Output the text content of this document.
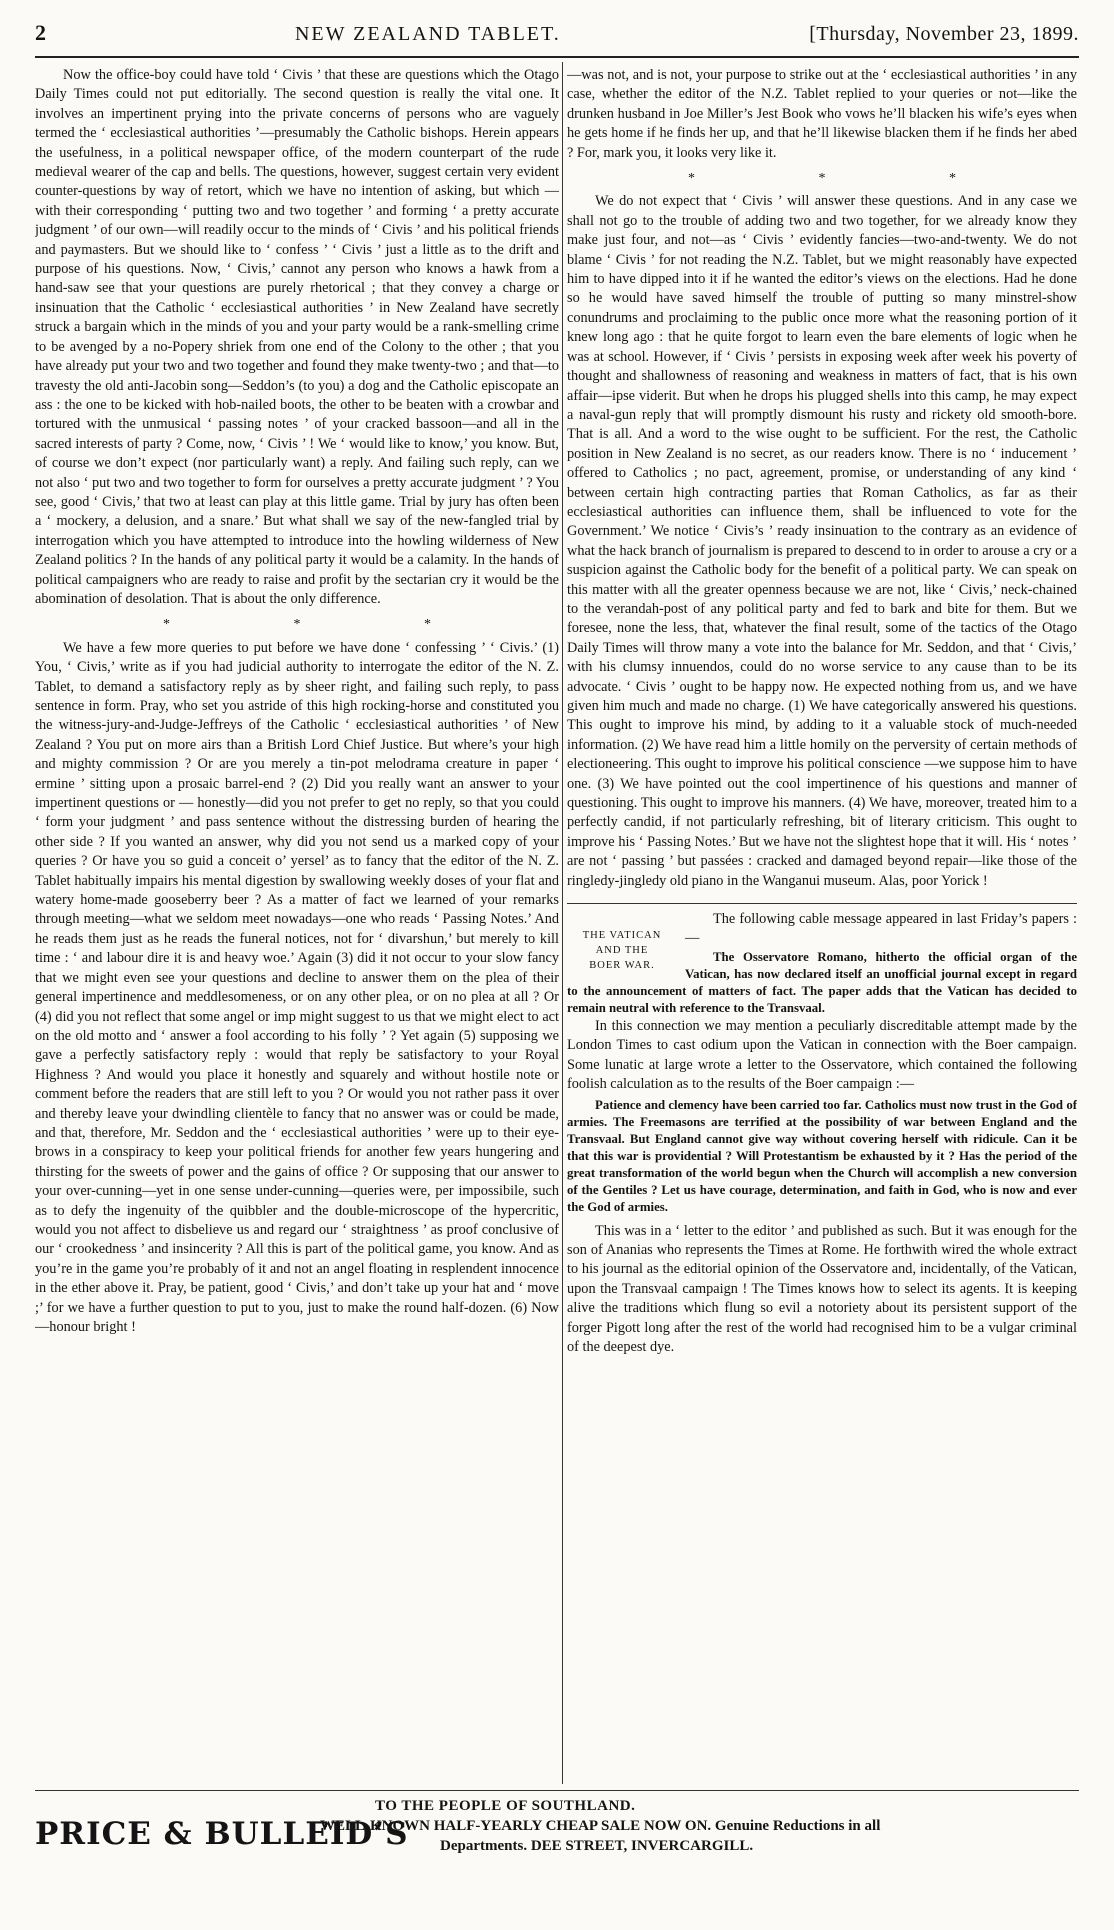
2	NEW ZEALAND TABLET.	[Thursday, November 23, 1899.

Now the office-boy could have told ‘ Civis ’ that these are questions which the Otago Daily Times could not put editorially. The second question is really the vital one. It involves an impertinent prying into the private concerns of persons who are vaguely termed the ‘ ecclesiastical authorities ’—presumably the Catholic bishops. Herein appears the usefulness, in a political newspaper office, of the modern counterpart of the rude medieval wearer of the cap and bells. The questions, however, suggest certain very evident counter-questions by way of retort, which we have no intention of asking, but which —with their corresponding ‘ putting two and two together ’ and forming ‘ a pretty accurate judgment ’ of our own—will readily occur to the minds of ‘ Civis ’ and his political friends and paymasters. But we should like to ‘ confess ’ ‘ Civis ’ just a little as to the drift and purpose of his questions. Now, ‘ Civis,’ cannot any person who knows a hawk from a hand-saw see that your questions are purely rhetorical ; that they convey a charge or insinuation that the Catholic ‘ ecclesiastical authorities ’ in New Zealand have secretly struck a bargain which in the minds of you and your party would be a rank-smelling crime to be avenged by a no-Popery shriek from one end of the Colony to the other ; that you have already put your two and two together and found they make twenty-two ; and that—to travesty the old anti-Jacobin song—Seddon’s (to you) a dog and the Catholic episcopate an ass : the one to be kicked with hob-nailed boots, the other to be beaten with a crowbar and tortured with the unmusical ‘ passing notes ’ of your cracked bassoon—and all in the sacred interests of party ? Come, now, ‘ Civis ’ ! We ‘ would like to know,’ you know. But, of course we don’t expect (nor particularly want) a reply. And failing such reply, can we not also ‘ put two and two together to form for ourselves a pretty accurate judgment ’ ? You see, good ‘ Civis,’ that two at least can play at this little game. Trial by jury has often been a ‘ mockery, a delusion, and a snare.’ But what shall we say of the new-fangled trial by interrogation which you have attempted to introduce into the howling wilderness of New Zealand politics ? In the hands of any political party it would be a calamity. In the hands of political campaigners who are ready to raise and profit by the sectarian cry it would be the abomination of desolation. That is about the only difference.

* * *

We have a few more queries to put before we have done ‘ confessing ’ ‘ Civis.’ (1) You, ‘ Civis,’ write as if you had judicial authority to interrogate the editor of the N. Z. Tablet, to demand a satisfactory reply as by sheer right, and failing such reply, to pass sentence in form. Pray, who set you astride of this high rocking-horse and constituted you the witness-jury-and-Judge-Jeffreys of the Catholic ‘ ecclesiastical authorities ’ of New Zealand ? You put on more airs than a British Lord Chief Justice. But where’s your high and mighty commission ? Or are you merely a tin-pot melodrama creature in paper ‘ ermine ’ sitting upon a prosaic barrel-end ? (2) Did you really want an answer to your impertinent questions or — honestly—did you not prefer to get no reply, so that you could ‘ form your judgment ’ and pass sentence without the distressing burden of hearing the other side ? If you wanted an answer, why did you not send us a marked copy of your queries ? Or have you so guid a conceit o’ yersel’ as to fancy that the editor of the N. Z. Tablet habitually impairs his mental digestion by swallowing weekly doses of your flat and watery home-made gooseberry beer ? As a matter of fact we learned of your remarks through meeting—what we seldom meet nowadays—one who reads ‘ Passing Notes.’ And he reads them just as he reads the funeral notices, not for ‘ divarshun,’ but merely to kill time : ‘ and labour dire it is and heavy woe.’ Again (3) did it not occur to your slow fancy that we might even see your questions and decline to answer them on the plea of their general impertinence and meddlesomeness, or on any other plea, or on no plea at all ? Or (4) did you not reflect that some angel or imp might suggest to us that we might elect to act on the old motto and ‘ answer a fool according to his folly ’ ? Yet again (5) supposing we gave a perfectly satisfactory reply : would that reply be satisfactory to your Royal Highness ? And would you place it honestly and squarely and without hostile note or comment before the readers that are still left to you ? Or would you not rather pass it over and thereby leave your dwindling clientèle to fancy that no answer was or could be made, and that, therefore, Mr. Seddon and the ‘ ecclesiastical authorities ’ were up to their eye-brows in a conspiracy to keep your political friends for another few years hungering and thirsting for the sweets of power and the gains of office ? Or supposing that our answer to your over-cunning—yet in one sense under-cunning—queries were, per impossibile, such as to defy the ingenuity of the quibbler and the double-microscope of the hypercritic, would you not affect to disbelieve us and regard our ‘ straightness ’ as proof conclusive of our ‘ crookedness ’ and insincerity ? All this is part of the political game, you know. And as you’re in the game you’re probably of it and not an angel floating in resplendent innocence in the ether above it. Pray, be patient, good ‘ Civis,’ and don’t take up your hat and ‘ move ;’ for we have a further question to put to you, just to make the round half-dozen. (6) Now—honour bright !

—was not, and is not, your purpose to strike out at the ‘ ecclesiastical authorities ’ in any case, whether the editor of the N.Z. Tablet replied to your queries or not—like the drunken husband in Joe Miller’s Jest Book who vows he’ll blacken his wife’s eyes when he gets home if he finds her up, and that he’ll likewise blacken them if he finds her abed ? For, mark you, it looks very like it.

* * *

We do not expect that ‘ Civis ’ will answer these questions. And in any case we shall not go to the trouble of adding two and two together, for we already know they make just four, and not—as ‘ Civis ’ evidently fancies—two-and-twenty. We do not blame ‘ Civis ’ for not reading the N.Z. Tablet, but we might reasonably have expected him to have dipped into it if he wanted the editor’s views on the elections. Had he done so he would have saved himself the trouble of putting so many minstrel-show conundrums and proclaiming to the public once more what the reasoning portion of it knew long ago : that he quite forgot to learn even the bare elements of logic when he was at school. However, if ‘ Civis ’ persists in exposing week after week his poverty of thought and shallowness of reasoning and weakness in matters of fact, that is his own affair—ipse viderit. But when he drops his plugged shells into this camp, he may expect a naval-gun reply that will promptly dismount his rusty and rickety old smooth-bore. That is all. And a word to the wise ought to be sufficient. For the rest, the Catholic position in New Zealand is no secret, as our readers know. There is no ‘ inducement ’ offered to Catholics ; no pact, agreement, promise, or understanding of any kind ‘ between certain high contracting parties that Roman Catholics, as far as their ecclesiastical authorities can influence them, shall be influenced to vote for the Government.’ We notice ‘ Civis’s ’ ready insinuation to the contrary as an evidence of what the hack branch of journalism is prepared to descend to in order to arouse a cry or a suspicion against the Catholic body for the benefit of a political party. We can speak on this matter with all the greater openness because we are not, like ‘ Civis,’ neck-chained to the verandah-post of any political party and fed to bark and bite for them. But we foresee, none the less, that, whatever the final result, some of the tactics of the Otago Daily Times will throw many a vote into the balance for Mr. Seddon, and that ‘ Civis,’ with his clumsy innuendos, could do no worse service to any cause than to be its advocate. ‘ Civis ’ ought to be happy now. He expected nothing from us, and we have given him much and made no charge. (1) We have categorically answered his questions. This ought to improve his mind, by adding to it a valuable stock of much-needed information. (2) We have read him a little homily on the perversity of certain methods of electioneering. This ought to improve his political conscience —we suppose him to have one. (3) We have pointed out the cool impertinence of his questions and manner of questioning. This ought to improve his manners. (4) We have, moreover, treated him to a perfectly candid, if not particularly refreshing, bit of literary criticism. This ought to improve his ‘ Passing Notes.’ But we have not the slightest hope that it will. His ‘ notes ’ are not ‘ passing ’ but passées : cracked and damaged beyond repair—like those of the ringledy-jingledy old piano in the Wanganui museum. Alas, poor Yorick !

THE VATICAN
AND THE
BOER WAR.

The following cable message appeared in last Friday’s papers :—

The Osservatore Romano, hitherto the official organ of the Vatican, has now declared itself an unofficial journal except in regard to the announcement of matters of fact. The paper adds that the Vatican has decided to remain neutral with reference to the Transvaal.

In this connection we may mention a peculiarly discreditable attempt made by the London Times to cast odium upon the Vatican in connection with the Boer campaign. Some lunatic at large wrote a letter to the Osservatore, which contained the following foolish calculation as to the results of the Boer campaign :—

Patience and clemency have been carried too far. Catholics must now trust in the God of armies. The Freemasons are terrified at the possibility of war between England and the Transvaal. But England cannot give way without covering herself with ridicule. Can it be that this war is providential ? Will Protestantism be exhausted by it ? Has the period of the great transformation of the world begun when the Church will accomplish a new conversion of the Gentiles ? Let us have courage, determination, and faith in God, who is now and ever the God of armies.

This was in a ‘ letter to the editor ’ and published as such. But it was enough for the son of Ananias who represents the Times at Rome. He forthwith wired the whole extract to his journal as the editorial opinion of the Osservatore and, incidentally, of the Vatican, upon the Transvaal campaign ! The Times knows how to select its agents. It is keeping alive the traditions which flung so evil a notoriety about its persistent support of the forger Pigott long after the rest of the world had recognised him to be a vulgar criminal of the deepest dye.

PRICE & BULLEID’S
TO THE PEOPLE OF SOUTHLAND.
WELL-KNOWN HALF-YEARLY CHEAP SALE NOW ON. Genuine Reductions in all
Departments. DEE STREET, INVERCARGILL.
